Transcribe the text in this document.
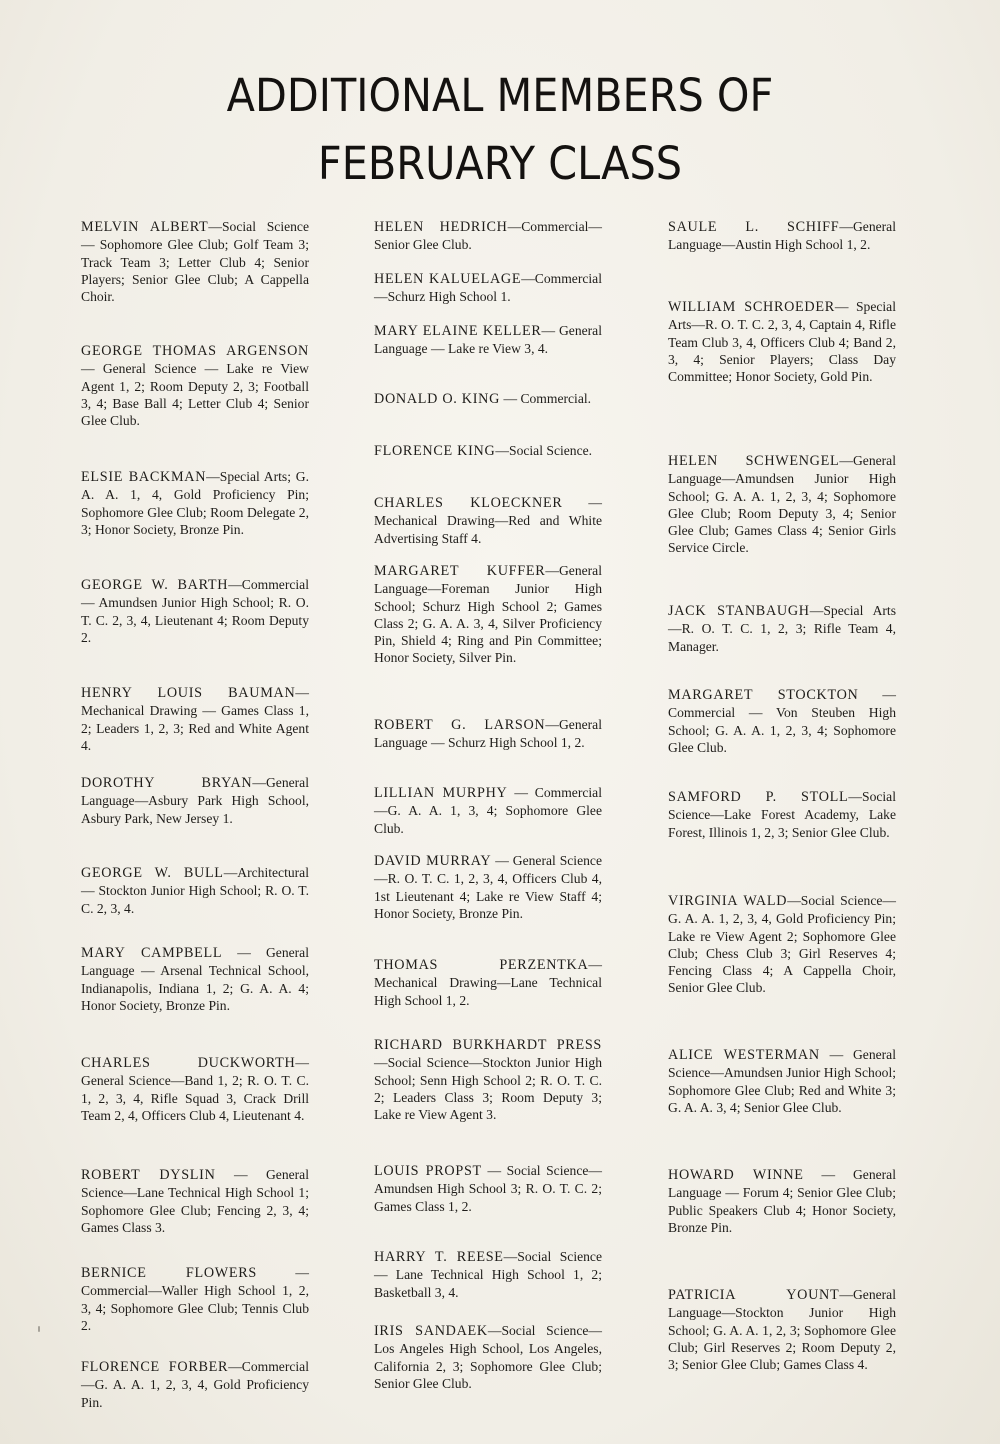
ADDITIONAL MEMBERS OF
FEBRUARY CLASS

MELVIN ALBERT—Social Science — Sophomore Glee Club; Golf Team 3; Track Team 3; Letter Club 4; Senior Players; Senior Glee Club; A Cappella Choir.

GEORGE THOMAS ARGENSON — General Science — Lake re View Agent 1, 2; Room Deputy 2, 3; Football 3, 4; Base Ball 4; Letter Club 4; Senior Glee Club.

ELSIE BACKMAN—Special Arts; G. A. A. 1, 4, Gold Proficiency Pin; Sophomore Glee Club; Room Delegate 2, 3; Honor Society, Bronze Pin.

GEORGE W. BARTH—Commercial — Amundsen Junior High School; R. O. T. C. 2, 3, 4, Lieutenant 4; Room Deputy 2.

HENRY LOUIS BAUMAN— Mechanical Drawing — Games Class 1, 2; Leaders 1, 2, 3; Red and White Agent 4.

DOROTHY BRYAN—General Language—Asbury Park High School, Asbury Park, New Jersey 1.

GEORGE W. BULL—Architectural — Stockton Junior High School; R. O. T. C. 2, 3, 4.

MARY CAMPBELL — General Language — Arsenal Technical School, Indianapolis, Indiana 1, 2; G. A. A. 4; Honor Society, Bronze Pin.

CHARLES DUCKWORTH— General Science—Band 1, 2; R. O. T. C. 1, 2, 3, 4, Rifle Squad 3, Crack Drill Team 2, 4, Officers Club 4, Lieutenant 4.

ROBERT DYSLIN — General Science—Lane Technical High School 1; Sophomore Glee Club; Fencing 2, 3, 4; Games Class 3.

BERNICE FLOWERS — Commercial—Waller High School 1, 2, 3, 4; Sophomore Glee Club; Tennis Club 2.

FLORENCE FORBER—Commercial—G. A. A. 1, 2, 3, 4, Gold Proficiency Pin.

HELEN HEDRICH—Commercial—Senior Glee Club.

HELEN KALUELAGE—Commercial—Schurz High School 1.

MARY ELAINE KELLER— General Language — Lake re View 3, 4.

DONALD O. KING — Commercial.

FLORENCE KING—Social Science.

CHARLES KLOECKNER — Mechanical Drawing—Red and White Advertising Staff 4.

MARGARET KUFFER—General Language—Foreman Junior High School; Schurz High School 2; Games Class 2; G. A. A. 3, 4, Silver Proficiency Pin, Shield 4; Ring and Pin Committee; Honor Society, Silver Pin.

ROBERT G. LARSON—General Language — Schurz High School 1, 2.

LILLIAN MURPHY — Commercial—G. A. A. 1, 3, 4; Sophomore Glee Club.

DAVID MURRAY — General Science—R. O. T. C. 1, 2, 3, 4, Officers Club 4, 1st Lieutenant 4; Lake re View Staff 4; Honor Society, Bronze Pin.

THOMAS PERZENTKA—Mechanical Drawing—Lane Technical High School 1, 2.

RICHARD BURKHARDT PRESS—Social Science—Stockton Junior High School; Senn High School 2; R. O. T. C. 2; Leaders Class 3; Room Deputy 3; Lake re View Agent 3.

LOUIS PROPST — Social Science—Amundsen High School 3; R. O. T. C. 2; Games Class 1, 2.

HARRY T. REESE—Social Science — Lane Technical High School 1, 2; Basketball 3, 4.

IRIS SANDAEK—Social Science—Los Angeles High School, Los Angeles, California 2, 3; Sophomore Glee Club; Senior Glee Club.

SAULE L. SCHIFF—General Language—Austin High School 1, 2.

WILLIAM SCHROEDER— Special Arts—R. O. T. C. 2, 3, 4, Captain 4, Rifle Team Club 3, 4, Officers Club 4; Band 2, 3, 4; Senior Players; Class Day Committee; Honor Society, Gold Pin.

HELEN SCHWENGEL—General Language—Amundsen Junior High School; G. A. A. 1, 2, 3, 4; Sophomore Glee Club; Room Deputy 3, 4; Senior Glee Club; Games Class 4; Senior Girls Service Circle.

JACK STANBAUGH—Special Arts—R. O. T. C. 1, 2, 3; Rifle Team 4, Manager.

MARGARET STOCKTON — Commercial — Von Steuben High School; G. A. A. 1, 2, 3, 4; Sophomore Glee Club.

SAMFORD P. STOLL—Social Science—Lake Forest Academy, Lake Forest, Illinois 1, 2, 3; Senior Glee Club.

VIRGINIA WALD—Social Science—G. A. A. 1, 2, 3, 4, Gold Proficiency Pin; Lake re View Agent 2; Sophomore Glee Club; Chess Club 3; Girl Reserves 4; Fencing Class 4; A Cappella Choir, Senior Glee Club.

ALICE WESTERMAN — General Science—Amundsen Junior High School; Sophomore Glee Club; Red and White 3; G. A. A. 3, 4; Senior Glee Club.

HOWARD WINNE — General Language — Forum 4; Senior Glee Club; Public Speakers Club 4; Honor Society, Bronze Pin.

PATRICIA YOUNT—General Language—Stockton Junior High School; G. A. A. 1, 2, 3; Sophomore Glee Club; Girl Reserves 2; Room Deputy 2, 3; Senior Glee Club; Games Class 4.
